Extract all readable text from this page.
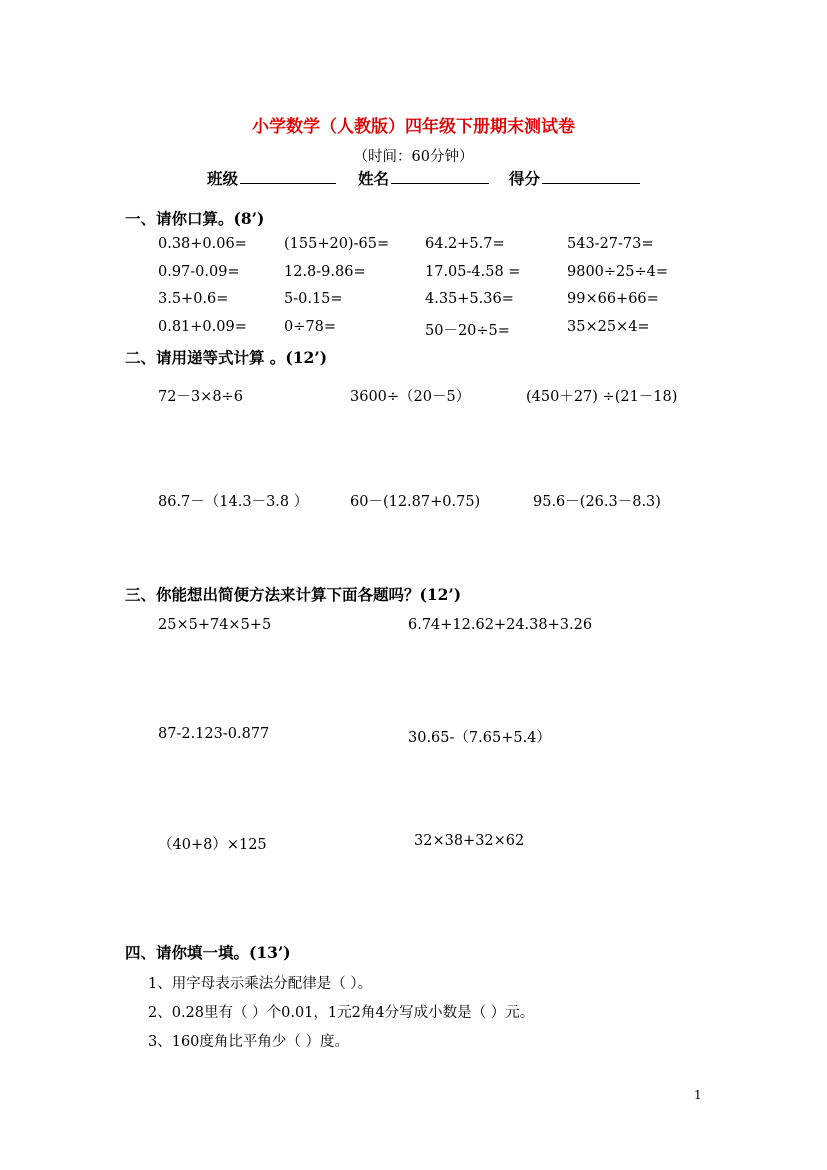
小学数学（人教版）四年级下册期末测试卷
（时间：60分钟）
班级	姓名	得分
一、请你口算。(8’)
0.38+0.06=	(155+20)-65= 64.2+5.7=	543-27-73=
0.97-0.09=	12.8-9.86=	17.05-4.58 =	9800÷25÷4=
3.5+0.6=	5-0.15=	4.35+5.36=	99×66+66=
0.81+0.09=	0÷78=	50－20÷5=	35×25×4=
二、请用递等式计算 。(12’)
72－3×8÷6	3600÷（20－5）	(450＋27) ÷(21－18)
86.7－（14.3－3.8 ）	60－(12.87+0.75)	95.6－(26.3－8.3)
三、你能想出简便方法来计算下面各题吗？(12’)
25×5+74×5+5	6.74+12.62+24.38+3.26
87-2.123-0.877	30.65-（7.65+5.4）
（40+8）×125	32×38+32×62
四、请你填一填。(13’)
1、用字母表示乘法分配律是（ ）。
2、0.28里有（ ）个0.01，1元2角4分写成小数是（ ）元。
3、160度角比平角少（ ）度。
1
